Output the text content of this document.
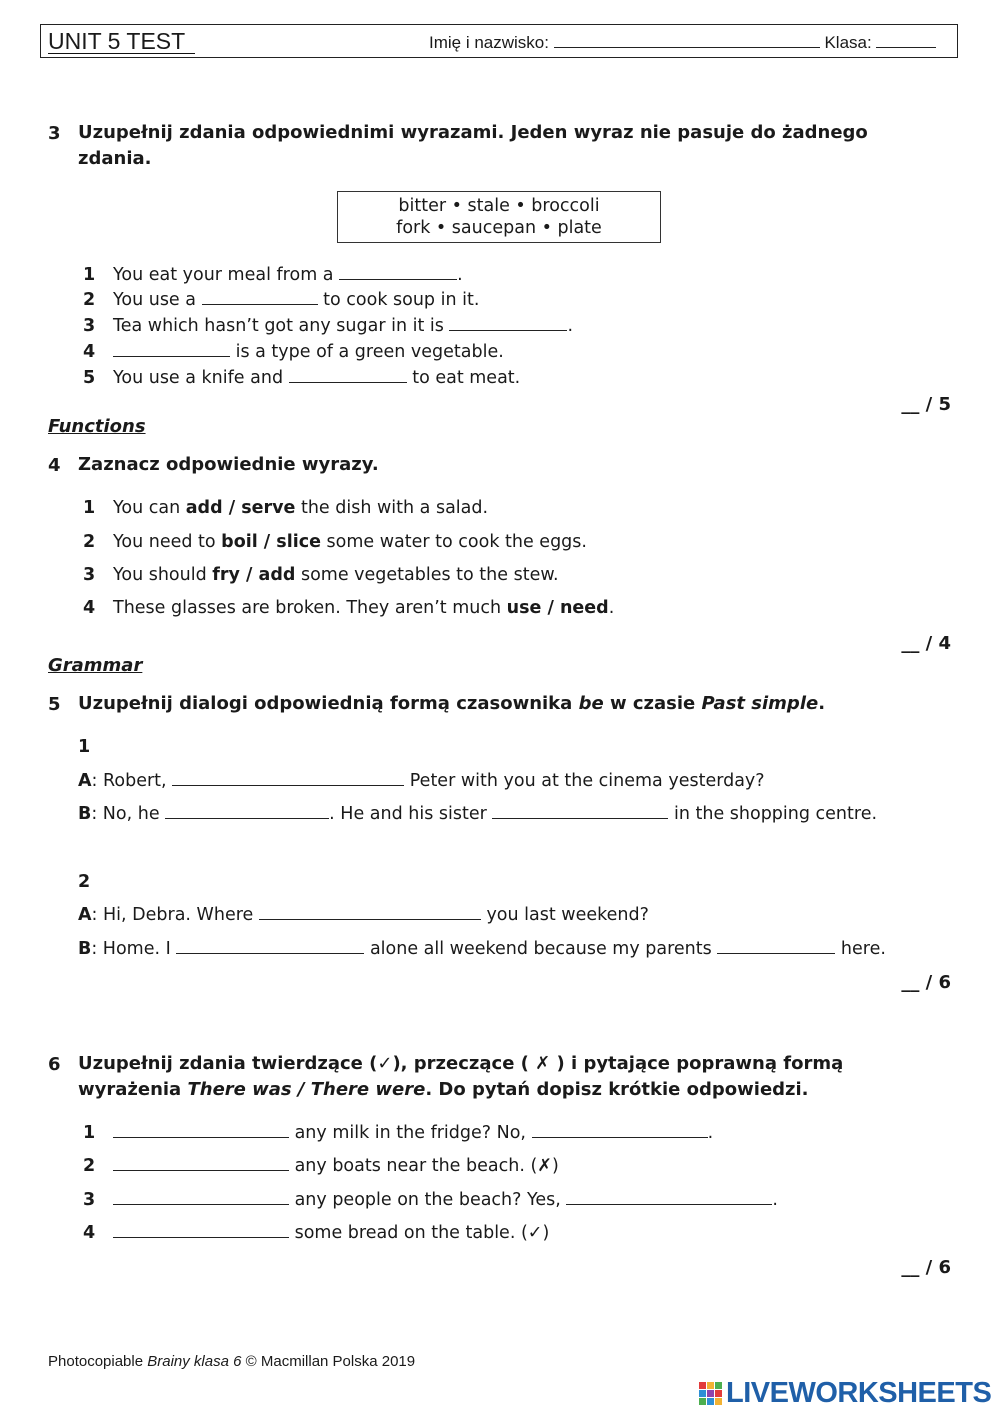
UNIT 5 TEST	Imię i nazwisko:	Klasa:
3 Uzupełnij zdania odpowiednimi wyrazami. Jeden wyraz nie pasuje do żadnego
zdania.
bitter • stale • broccoli
fork • saucepan • plate
1 You eat your meal from a	.
2 You use a	to cook soup in it.
3 Tea which hasn’t got any sugar in it is	.
4	is a type of a green vegetable.
5 You use a knife and	to eat meat.
__ / 5
Functions
4 Zaznacz odpowiednie wyrazy.
1 You can add / serve the dish with a salad.
2 You need to boil / slice some water to cook the eggs.
3 You should fry / add some vegetables to the stew.
4 These glasses are broken. They aren’t much use / need.
__ / 4
Grammar
5 Uzupełnij dialogi odpowiednią formą czasownika be w czasie Past simple.
1
A: Robert,	Peter with you at the cinema yesterday?
B: No, he	. He and his sister	in the shopping centre.
2
A: Hi, Debra. Where	you last weekend?
B: Home. I	alone all weekend because my parents	here.
__ / 6
6 Uzupełnij zdania twierdzące (✓), przeczące ( ✗ ) i pytające poprawną formą
wyrażenia There was / There were. Do pytań dopisz krótkie odpowiedzi.
1	any milk in the fridge? No,	.
2	any boats near the beach. (✗)
3	any people on the beach? Yes,	.
4	some bread on the table. (✓)
__ / 6
Photocopiable Brainy klasa 6 © Macmillan Polska 2019
LIVEWORKSHEETS
